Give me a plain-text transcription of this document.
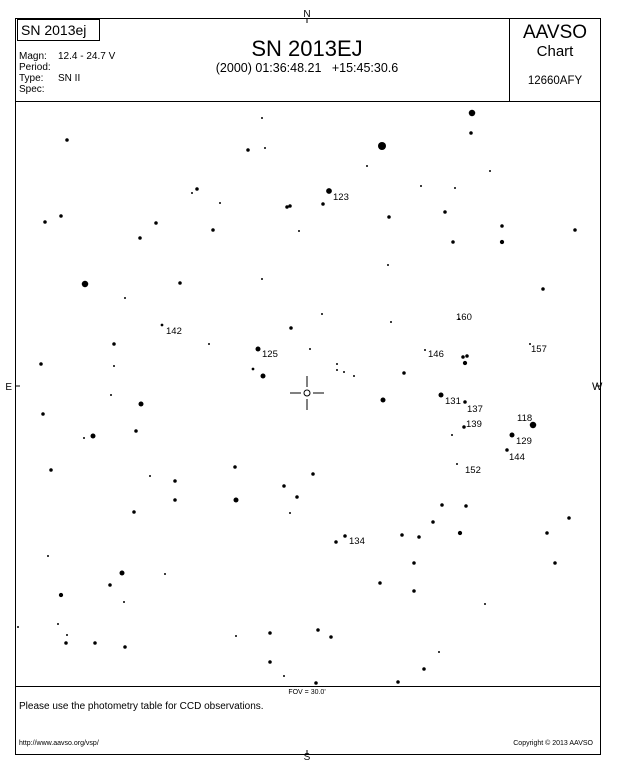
SN 2013ej
Magn: 12.4 - 24.7 V
Period:
Type: SN II
Spec:
SN 2013EJ
(2000) 01:36:48.21   +15:45:30.6
AAVSO
Chart
12660AFY
N
S
E	W
123
142
160
125	146	157
131
137
118
139
129
144
152
134
FOV = 30.0'
Please use the photometry table for CCD observations.
http://www.aavso.org/vsp/	Copyright © 2013 AAVSO
